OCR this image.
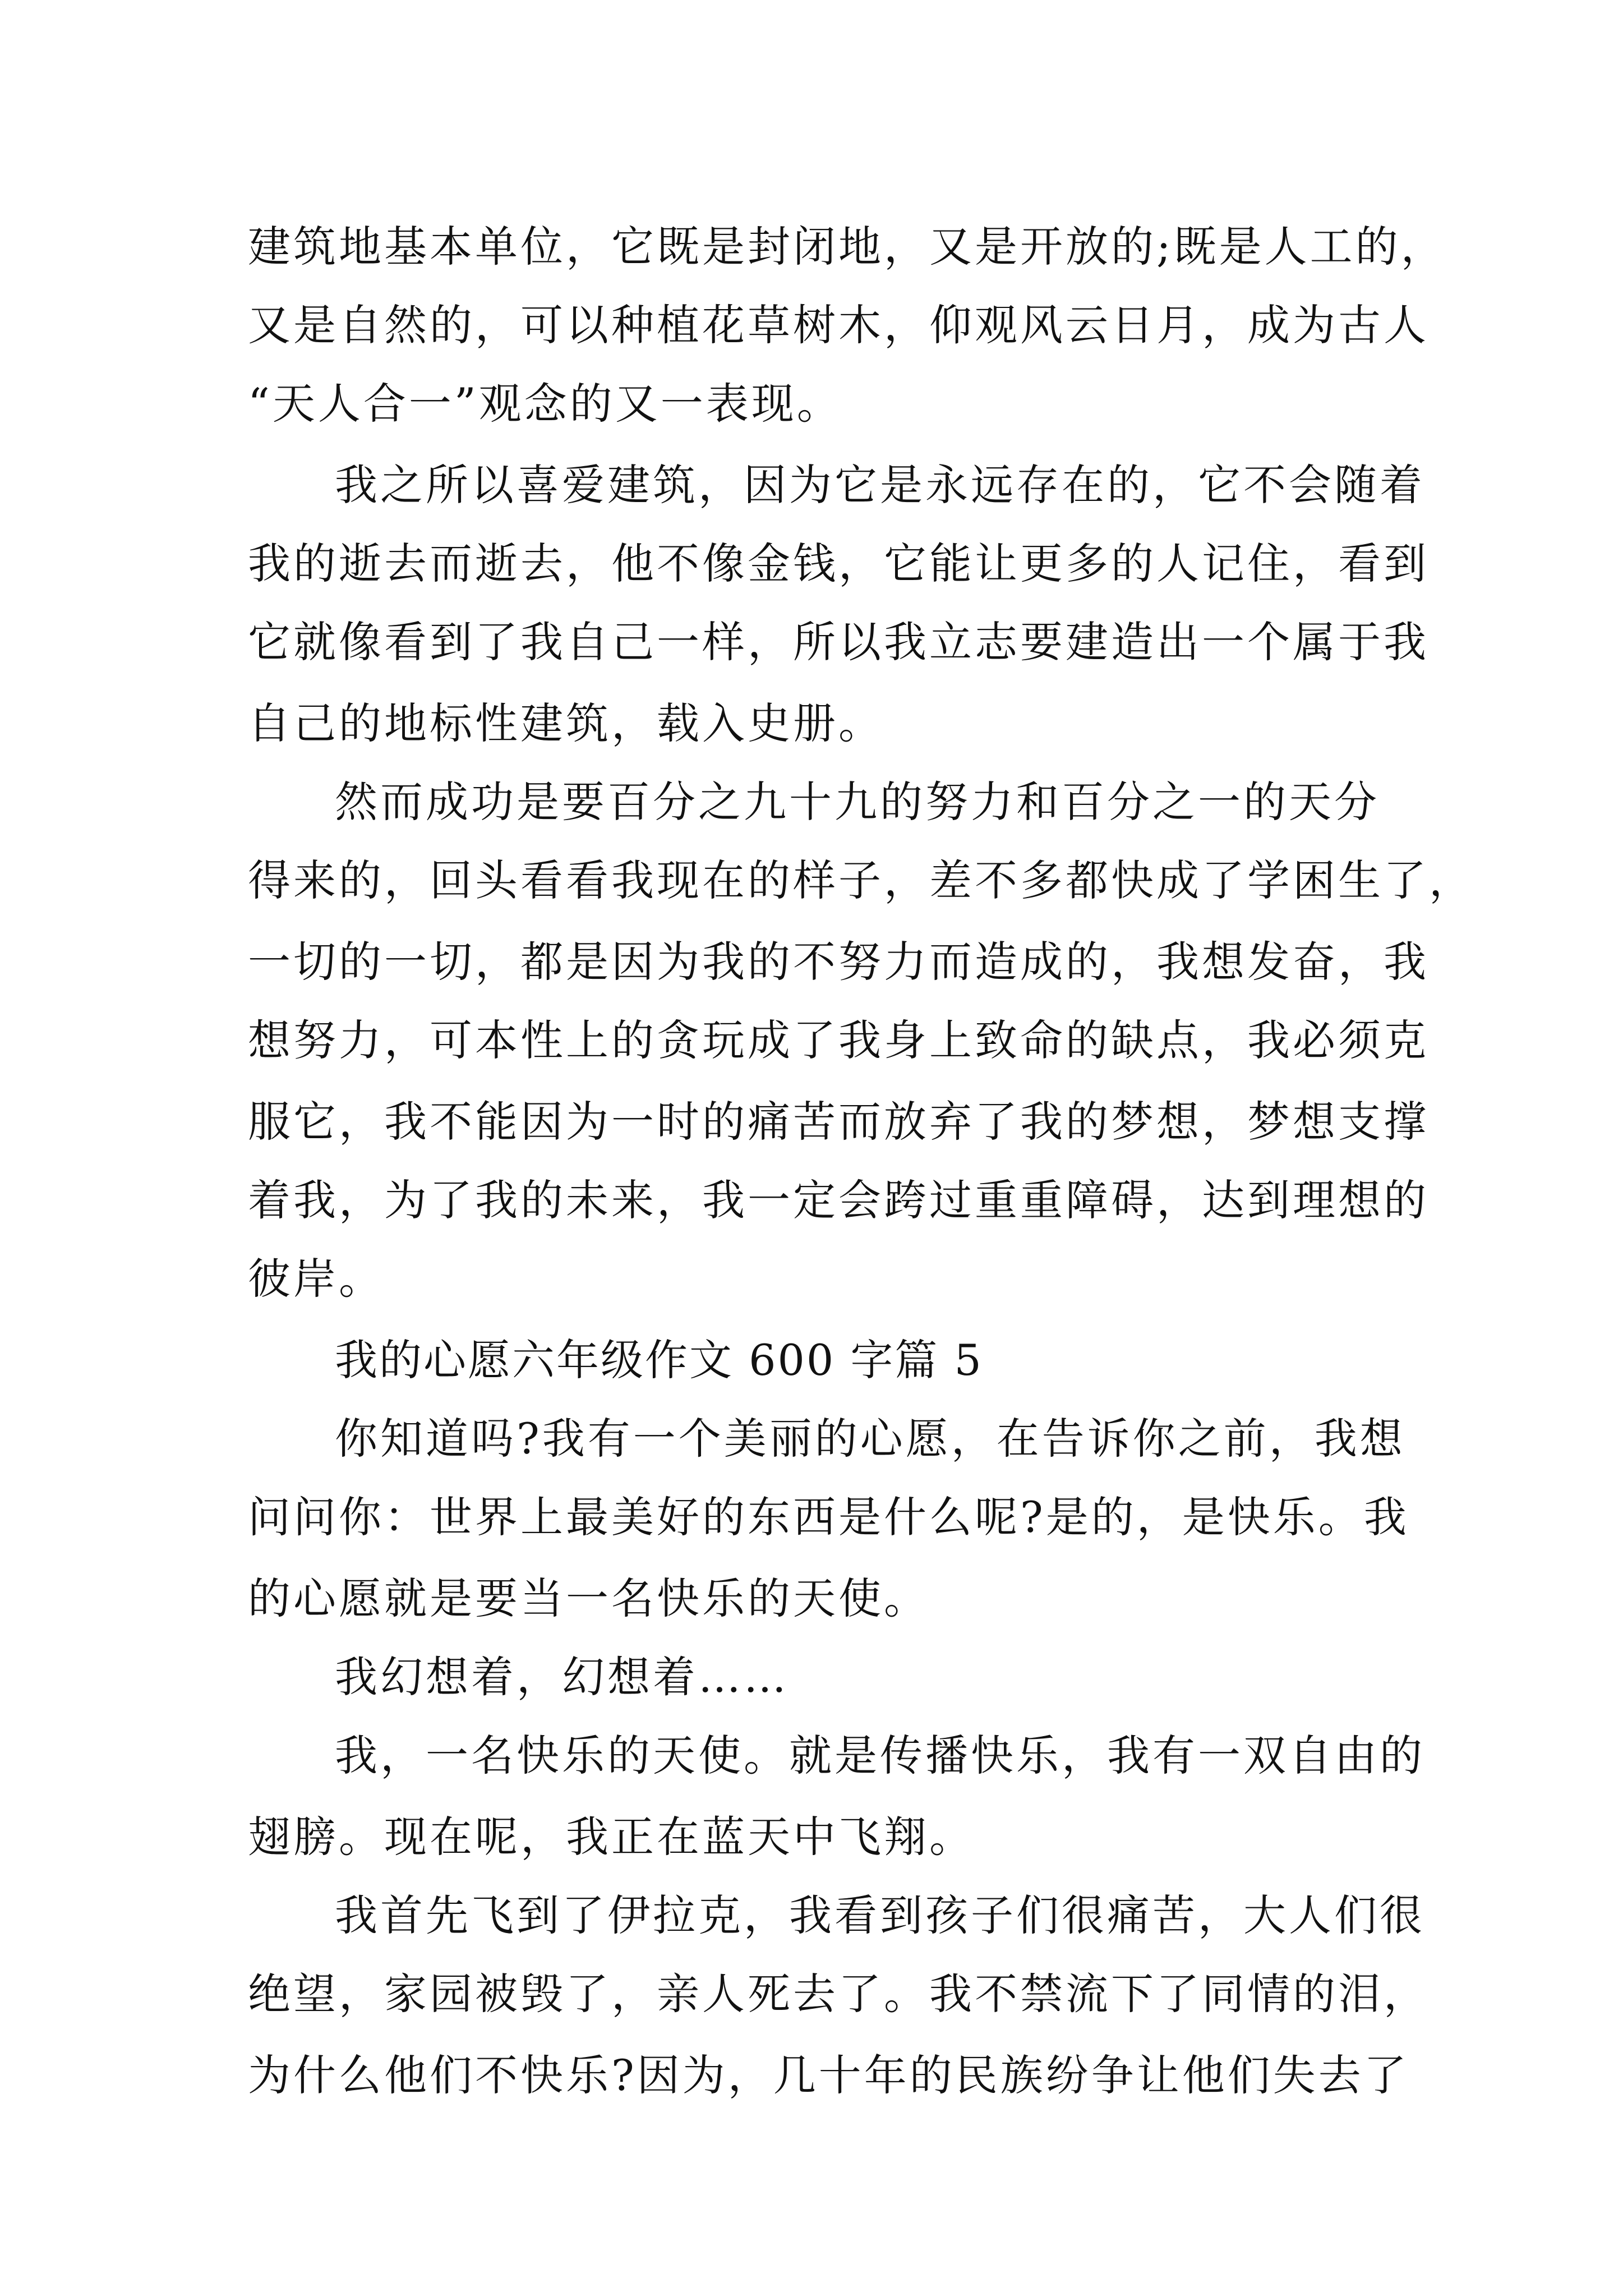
建筑地基本单位，它既是封闭地，又是开放的;既是人工的，
又是自然的，可以种植花草树木，仰观风云日月，成为古人
“天人合一”观念的又一表现。
我之所以喜爱建筑，因为它是永远存在的，它不会随着
我的逝去而逝去，他不像金钱，它能让更多的人记住，看到
它就像看到了我自己一样，所以我立志要建造出一个属于我
自己的地标性建筑，载入史册。
然而成功是要百分之九十九的努力和百分之一的天分
得来的，回头看看我现在的样子，差不多都快成了学困生了，
一切的一切，都是因为我的不努力而造成的，我想发奋，我
想努力，可本性上的贪玩成了我身上致命的缺点，我必须克
服它，我不能因为一时的痛苦而放弃了我的梦想，梦想支撑
着我，为了我的未来，我一定会跨过重重障碍，达到理想的
彼岸。
我的心愿六年级作文 600 字篇 5
你知道吗?我有一个美丽的心愿，在告诉你之前，我想
问问你：世界上最美好的东西是什么呢?是的，是快乐。我
的心愿就是要当一名快乐的天使。
我幻想着，幻想着……
我，一名快乐的天使。就是传播快乐，我有一双自由的
翅膀。现在呢，我正在蓝天中飞翔。
我首先飞到了伊拉克，我看到孩子们很痛苦，大人们很
绝望，家园被毁了，亲人死去了。我不禁流下了同情的泪，
为什么他们不快乐?因为，几十年的民族纷争让他们失去了
